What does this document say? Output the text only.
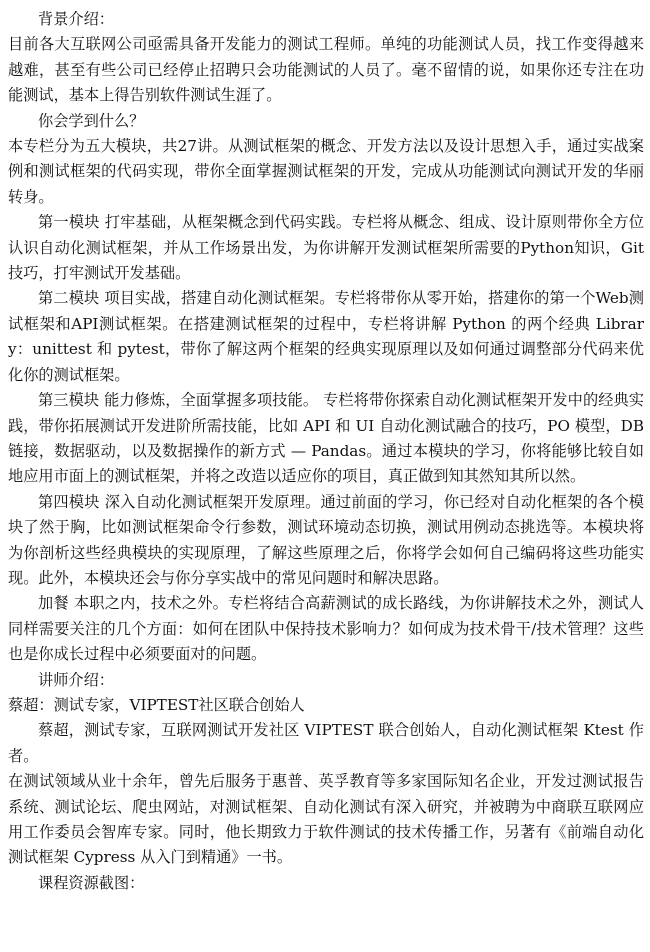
背景介绍：

目前各大互联网公司亟需具备开发能力的测试工程师。单纯的功能测试人员，找工作变得越来越难，甚至有些公司已经停止招聘只会功能测试的人员了。毫不留情的说，如果你还专注在功能测试，基本上得告别软件测试生涯了。

你会学到什么？

本专栏分为五大模块，共27讲。从测试框架的概念、开发方法以及设计思想入手，通过实战案例和测试框架的代码实现，带你全面掌握测试框架的开发，完成从功能测试向测试开发的华丽转身。

第一模块 打牢基础，从框架概念到代码实践。专栏将从概念、组成、设计原则带你全方位认识自动化测试框架，并从工作场景出发，为你讲解开发测试框架所需要的Python知识，Git技巧，打牢测试开发基础。

第二模块 项目实战，搭建自动化测试框架。专栏将带你从零开始，搭建你的第一个Web测试框架和API测试框架。在搭建测试框架的过程中，专栏将讲解 Python 的两个经典 Library：unittest 和 pytest，带你了解这两个框架的经典实现原理以及如何通过调整部分代码来优化你的测试框架。

第三模块 能力修炼，全面掌握多项技能。 专栏将带你探索自动化测试框架开发中的经典实践，带你拓展测试开发进阶所需技能，比如 API 和 UI 自动化测试融合的技巧，PO 模型，DB 链接，数据驱动，以及数据操作的新方式 — Pandas。通过本模块的学习，你将能够比较自如地应用市面上的测试框架，并将之改造以适应你的项目，真正做到知其然知其所以然。

第四模块 深入自动化测试框架开发原理。通过前面的学习，你已经对自动化框架的各个模块了然于胸，比如测试框架命令行参数，测试环境动态切换，测试用例动态挑选等。本模块将为你剖析这些经典模块的实现原理，了解这些原理之后，你将学会如何自己编码将这些功能实现。此外，本模块还会与你分享实战中的常见问题时和解决思路。

加餐 本职之内，技术之外。专栏将结合高薪测试的成长路线，为你讲解技术之外，测试人同样需要关注的几个方面：如何在团队中保持技术影响力？如何成为技术骨干/技术管理？这些也是你成长过程中必须要面对的问题。

讲师介绍：

蔡超：测试专家，VIPTEST社区联合创始人

蔡超，测试专家，互联网测试开发社区 VIPTEST 联合创始人，自动化测试框架 Ktest 作者。

在测试领域从业十余年，曾先后服务于惠普、英孚教育等多家国际知名企业，开发过测试报告系统、测试论坛、爬虫网站，对测试框架、自动化测试有深入研究，并被聘为中商联互联网应用工作委员会智库专家。同时，他长期致力于软件测试的技术传播工作，另著有《前端自动化测试框架 Cypress 从入门到精通》一书。

课程资源截图：
